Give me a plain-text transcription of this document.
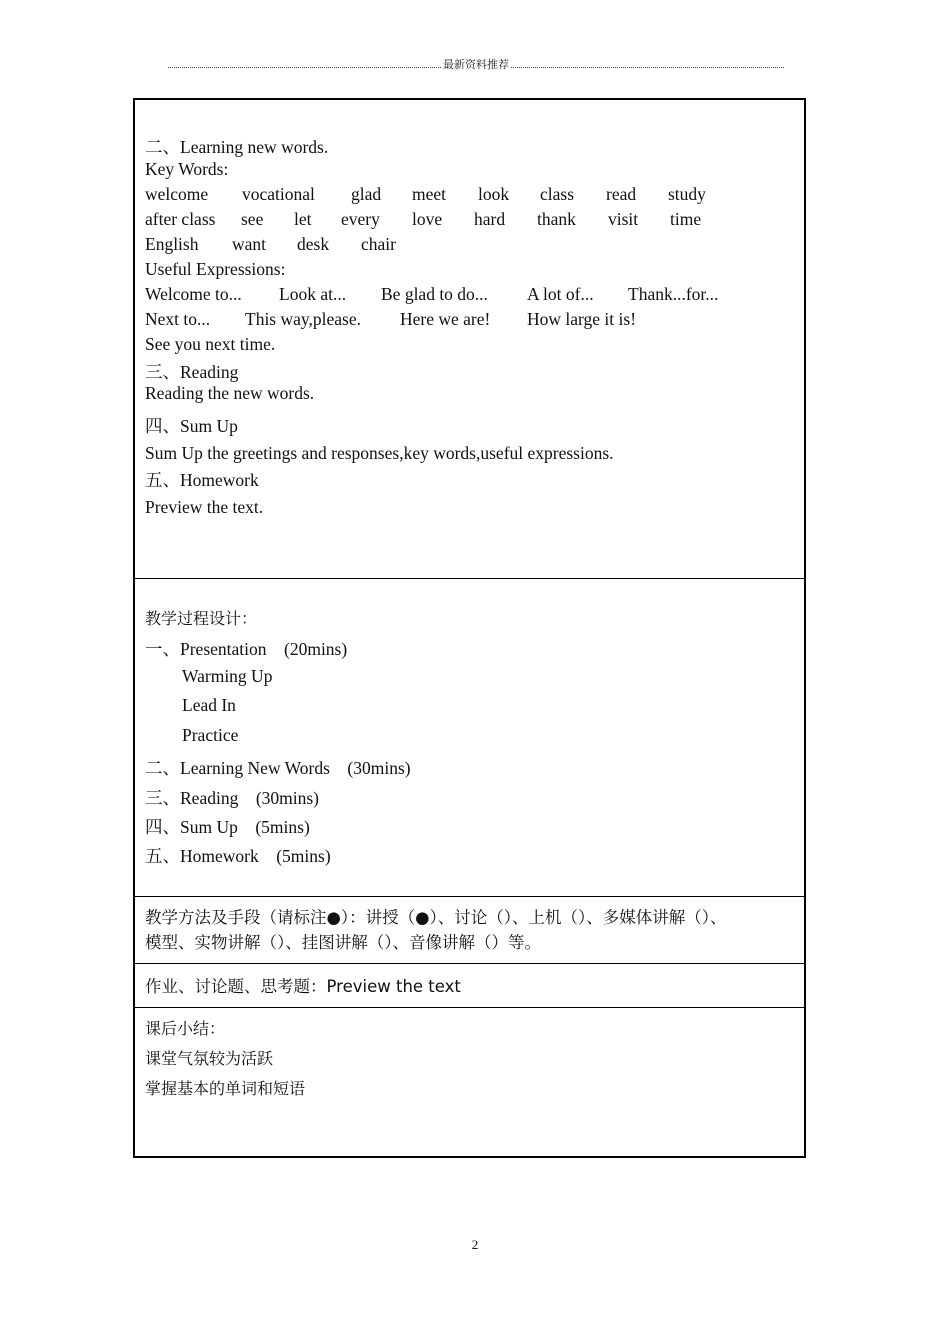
最新资料推荐
二、Learning new words.
Key Words:
welcome vocational glad meet look class read study
after class see let every love hard thank visit time
English want desk chair
Useful Expressions:
Welcome to... Look at... Be glad to do... A lot of... Thank...for...
Next to... This way,please. Here we are! How large it is!
See you next time.
三、Reading
Reading the new words.
四、Sum Up
Sum Up the greetings and responses,key words,useful expressions.
五、Homework
Preview the text.
教学过程设计：
一、Presentation　(20mins)
Warming Up
Lead In
Practice
二、Learning New Words　(30mins)
三、Reading　(30mins)
四、Sum Up　(5mins)
五、Homework　(5mins)
教学方法及手段（请标注●）：讲授（●）、讨论（）、上机（）、多媒体讲解（）、
模型、实物讲解（）、挂图讲解（）、音像讲解（）等。
作业、讨论题、思考题：Preview the text
课后小结：
课堂气氛较为活跃
掌握基本的单词和短语
2
